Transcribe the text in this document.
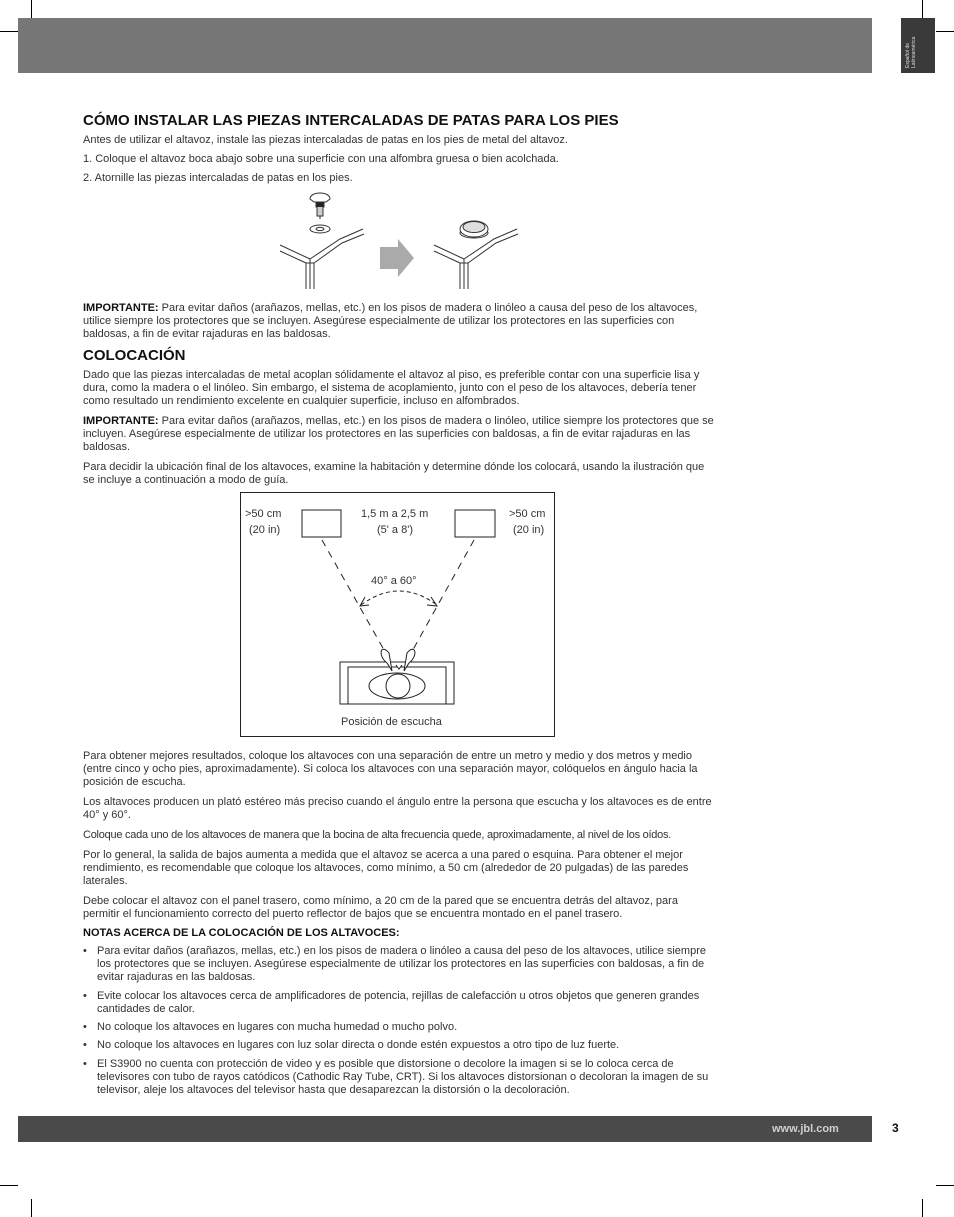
Español de Latinoamérica
CÓMO INSTALAR LAS PIEZAS INTERCALADAS DE PATAS PARA LOS PIES

Antes de utilizar el altavoz, instale las piezas intercaladas de patas en los pies de metal del altavoz.

1. Coloque el altavoz boca abajo sobre una superficie con una alfombra gruesa o bien acolchada.

2. Atornille las piezas intercaladas de patas en los pies.

IMPORTANTE: Para evitar daños (arañazos, mellas, etc.) en los pisos de madera o linóleo a causa del peso de los altavoces, utilice siempre los protectores que se incluyen. Asegúrese especialmente de utilizar los protectores en las superficies con baldosas, a fin de evitar rajaduras en las baldosas.

COLOCACIÓN

Dado que las piezas intercaladas de metal acoplan sólidamente el altavoz al piso, es preferible contar con una superficie lisa y dura, como la madera o el linóleo. Sin embargo, el sistema de acoplamiento, junto con el peso de los altavoces, debería tener como resultado un rendimiento excelente en cualquier superficie, incluso en alfombrados.

IMPORTANTE: Para evitar daños (arañazos, mellas, etc.) en los pisos de madera o linóleo, utilice siempre los protectores que se incluyen. Asegúrese especialmente de utilizar los protectores en las superficies con baldosas, a fin de evitar rajaduras en las baldosas.

Para decidir la ubicación final de los altavoces, examine la habitación y determine dónde los colocará, usando la ilustración que se incluye a continuación a modo de guía.

>50 cm
(20 in)
1,5 m a 2,5 m
(5' a 8')
>50 cm
(20 in)
40° a 60°
Posición de escucha

Para obtener mejores resultados, coloque los altavoces con una separación de entre un metro y medio y dos metros y medio (entre cinco y ocho pies, aproximadamente). Si coloca los altavoces con una separación mayor, colóquelos en ángulo hacia la posición de escucha.

Los altavoces producen un plató estéreo más preciso cuando el ángulo entre la persona que escucha y los altavoces es de entre 40° y 60°.

Coloque cada uno de los altavoces de manera que la bocina de alta frecuencia quede, aproximadamente, al nivel de los oídos.

Por lo general, la salida de bajos aumenta a medida que el altavoz se acerca a una pared o esquina. Para obtener el mejor rendimiento, es recomendable que coloque los altavoces, como mínimo, a 50 cm (alrededor de 20 pulgadas) de las paredes laterales.

Debe colocar el altavoz con el panel trasero, como mínimo, a 20 cm de la pared que se encuentra detrás del altavoz, para permitir el funcionamiento correcto del puerto reflector de bajos que se encuentra montado en el panel trasero.

NOTAS ACERCA DE LA COLOCACIÓN DE LOS ALTAVOCES:

• Para evitar daños (arañazos, mellas, etc.) en los pisos de madera o linóleo a causa del peso de los altavoces, utilice siempre los protectores que se incluyen. Asegúrese especialmente de utilizar los protectores en las superficies con baldosas, a fin de evitar rajaduras en las baldosas.
• Evite colocar los altavoces cerca de amplificadores de potencia, rejillas de calefacción u otros objetos que generen grandes cantidades de calor.
• No coloque los altavoces en lugares con mucha humedad o mucho polvo.
• No coloque los altavoces en lugares con luz solar directa o donde estén expuestos a otro tipo de luz fuerte.
• El S3900 no cuenta con protección de video y es posible que distorsione o decolore la imagen si se lo coloca cerca de televisores con tubo de rayos catódicos (Cathodic Ray Tube, CRT). Si los altavoces distorsionan o decoloran la imagen de su televisor, aleje los altavoces del televisor hasta que desaparezcan la distorsión o la decoloración.
www.jbl.com	3
